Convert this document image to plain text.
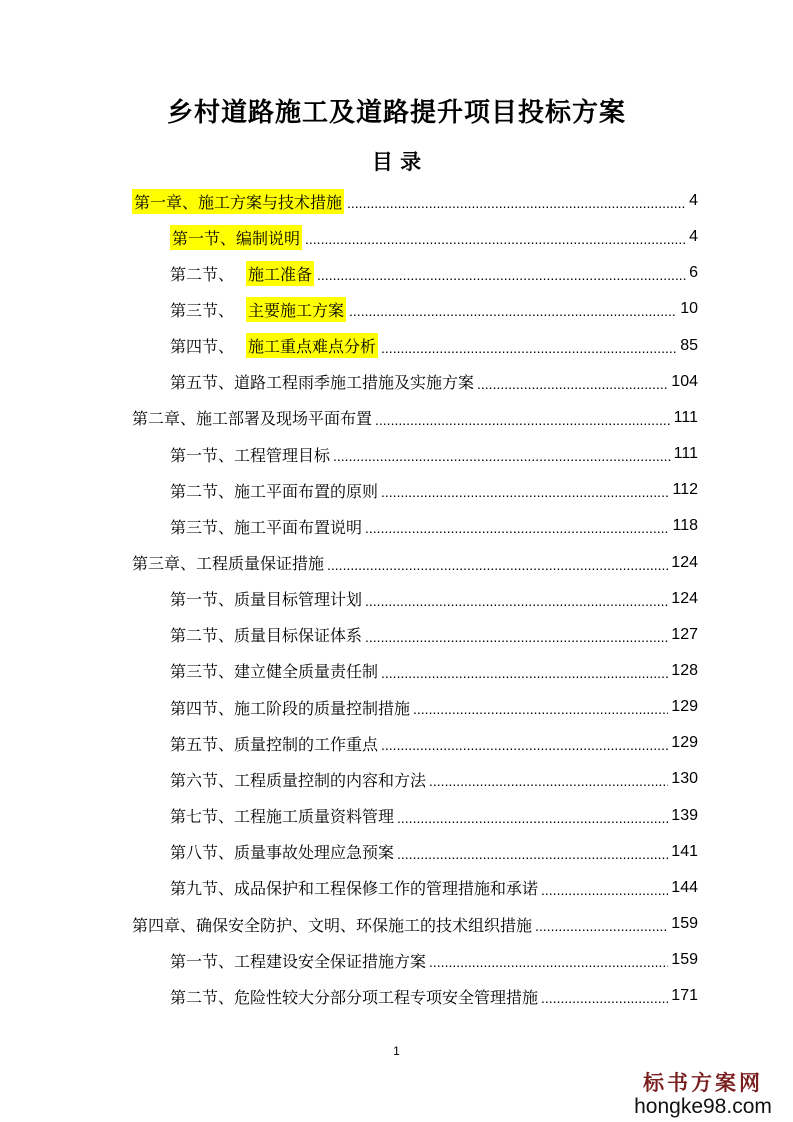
乡村道路施工及道路提升项目投标方案
目 录
第一章、施工方案与技术措施 .....	4
第一节、编制说明 .....	4
第二节、 施工准备 .....	6
第三节、 主要施工方案 .....	10
第四节、 施工重点难点分析 .....	85
第五节、道路工程雨季施工措施及实施方案 .....	104
第二章、施工部署及现场平面布置 .....	111
第一节、工程管理目标 .....	111
第二节、施工平面布置的原则 .....	112
第三节、施工平面布置说明 .....	118
第三章、工程质量保证措施 .....	124
第一节、质量目标管理计划 .....	124
第二节、质量目标保证体系 .....	127
第三节、建立健全质量责任制 .....	128
第四节、施工阶段的质量控制措施 .....	129
第五节、质量控制的工作重点 .....	129
第六节、工程质量控制的内容和方法 .....	130
第七节、工程施工质量资料管理 .....	139
第八节、质量事故处理应急预案 .....	141
第九节、成品保护和工程保修工作的管理措施和承诺 .....	144
第四章、确保安全防护、文明、环保施工的技术组织措施 .....	159
第一节、工程建设安全保证措施方案 .....	159
第二节、危险性较大分部分项工程专项安全管理措施 .....	171
1
标书方案网
hongke98.com
